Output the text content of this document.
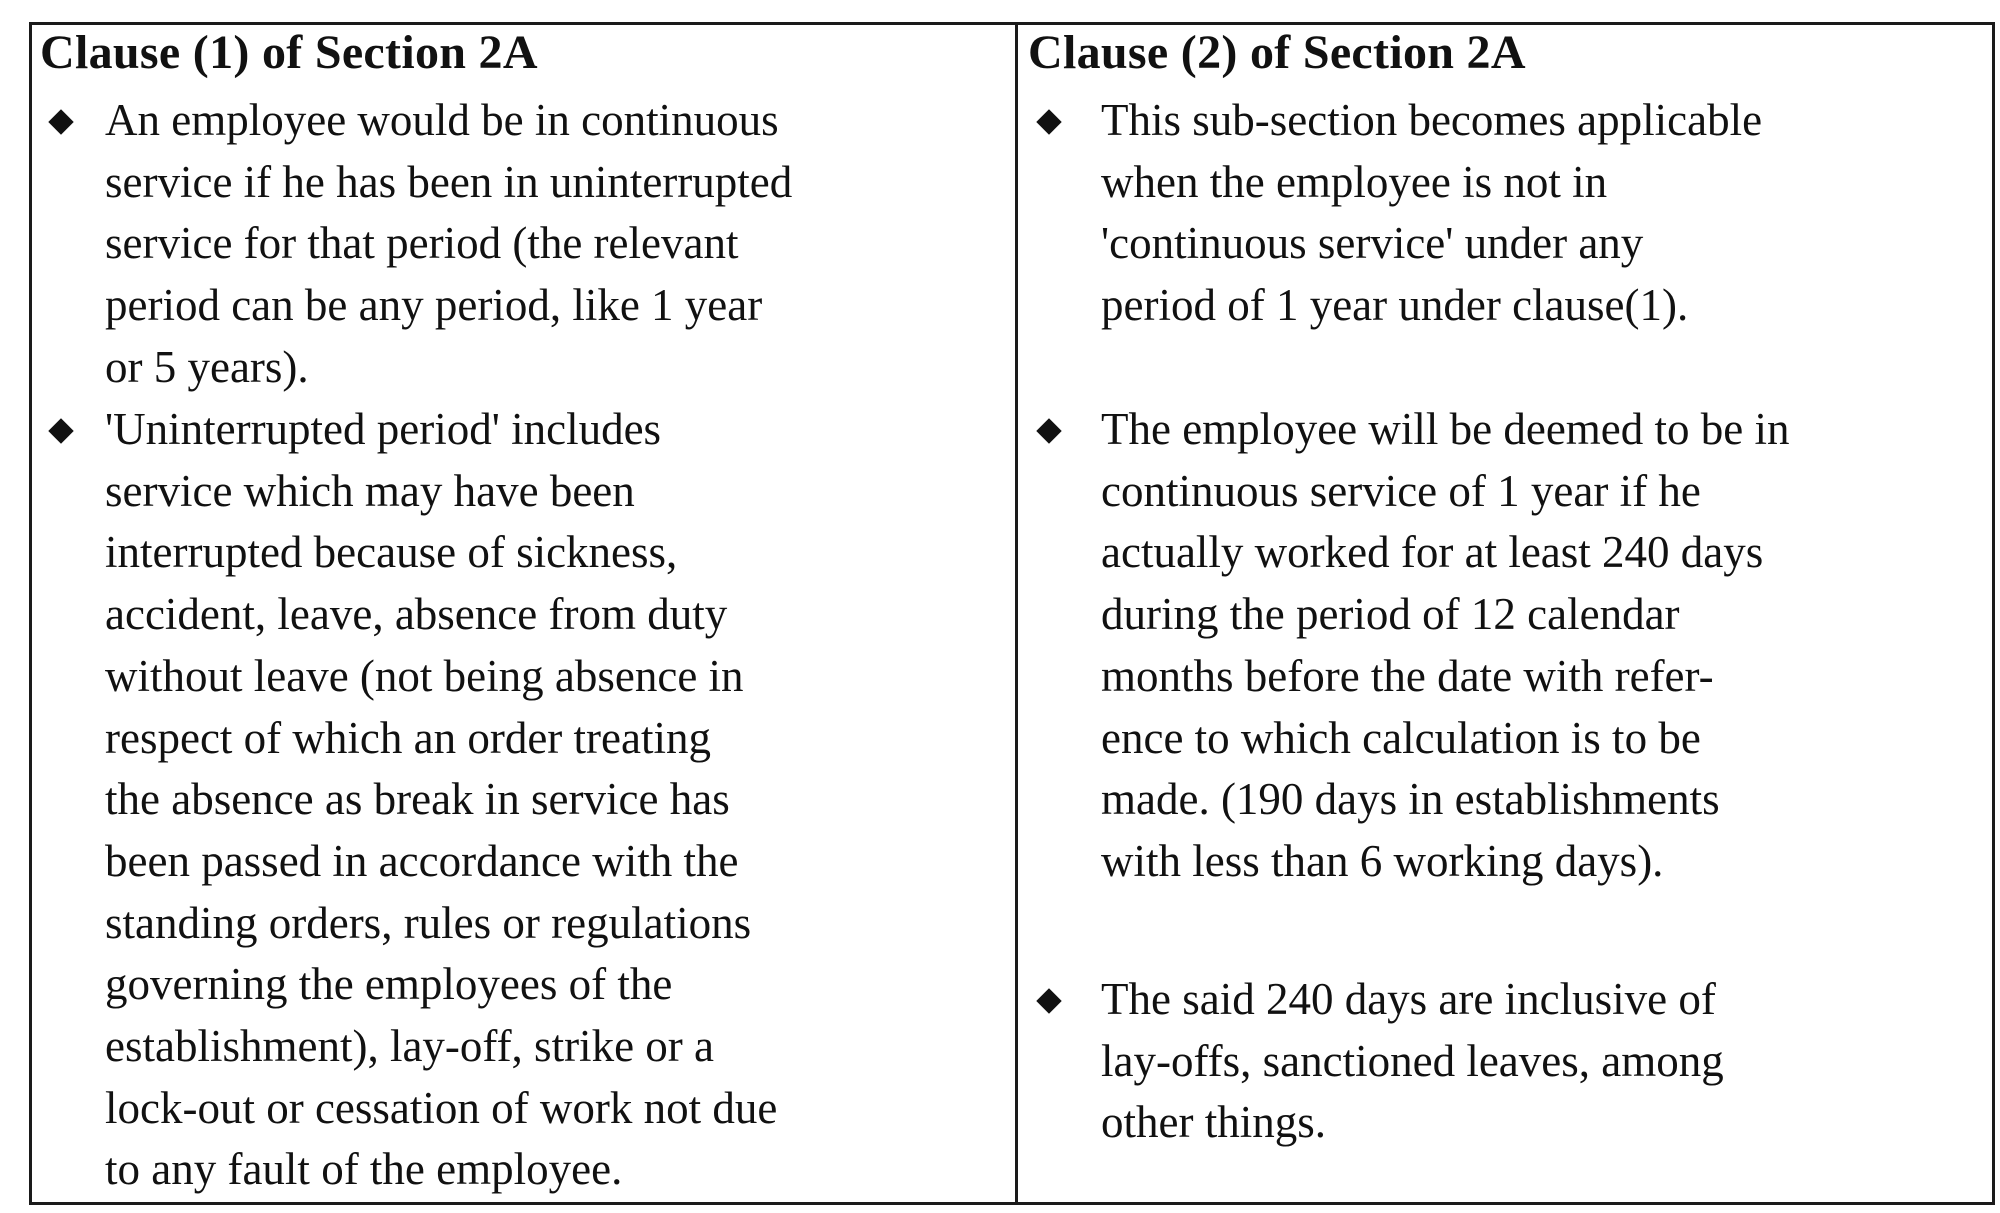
Clause (1) of Section 2A
An employee would be in continuous
service if he has been in uninterrupted
service for that period (the relevant
period can be any period, like 1 year
or 5 years).
'Uninterrupted period' includes
service which may have been
interrupted because of sickness,
accident, leave, absence from duty
without leave (not being absence in
respect of which an order treating
the absence as break in service has
been passed in accordance with the
standing orders, rules or regulations
governing the employees of the
establishment), lay-off, strike or a
lock-out or cessation of work not due
to any fault of the employee.
Clause (2) of Section 2A
This sub-section becomes applicable
when the employee is not in
'continuous service' under any
period of 1 year under clause(1).
The employee will be deemed to be in
continuous service of 1 year if he
actually worked for at least 240 days
during the period of 12 calendar
months before the date with refer-
ence to which calculation is to be
made. (190 days in establishments
with less than 6 working days).
The said 240 days are inclusive of
lay-offs, sanctioned leaves, among
other things.
